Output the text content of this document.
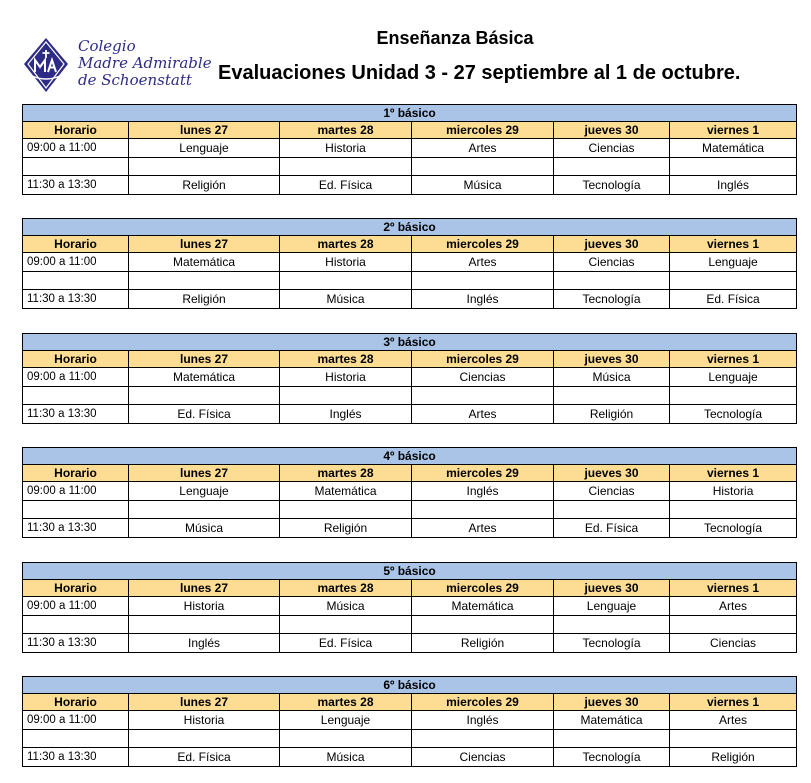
Colegio
Madre Admirable
de Schoenstatt
Enseñanza Básica
Evaluaciones Unidad 3 - 27 septiembre al 1 de octubre.
1º básico					
Horario	lunes 27	martes 28	miercoles 29	jueves 30	viernes 1
09:00 a 11:00	Lenguaje	Historia	Artes	Ciencias	Matemática

11:30 a 13:30	Religión	Ed. Física	Música	Tecnología	Inglés
2º básico					
Horario	lunes 27	martes 28	miercoles 29	jueves 30	viernes 1
09:00 a 11:00	Matemática	Historia	Artes	Ciencias	Lenguaje

11:30 a 13:30	Religión	Música	Inglés	Tecnología	Ed. Física
3º básico					
Horario	lunes 27	martes 28	miercoles 29	jueves 30	viernes 1
09:00 a 11:00	Matemática	Historia	Ciencias	Música	Lenguaje

11:30 a 13:30	Ed. Física	Inglés	Artes	Religión	Tecnología
4º básico					
Horario	lunes 27	martes 28	miercoles 29	jueves 30	viernes 1
09:00 a 11:00	Lenguaje	Matemática	Inglés	Ciencias	Historia

11:30 a 13:30	Música	Religión	Artes	Ed. Física	Tecnología
5º básico					
Horario	lunes 27	martes 28	miercoles 29	jueves 30	viernes 1
09:00 a 11:00	Historia	Música	Matemática	Lenguaje	Artes

11:30 a 13:30	Inglés	Ed. Física	Religión	Tecnología	Ciencias
6º básico					
Horario	lunes 27	martes 28	miercoles 29	jueves 30	viernes 1
09:00 a 11:00	Historia	Lenguaje	Inglés	Matemática	Artes

11:30 a 13:30	Ed. Física	Música	Ciencias	Tecnología	Religión
